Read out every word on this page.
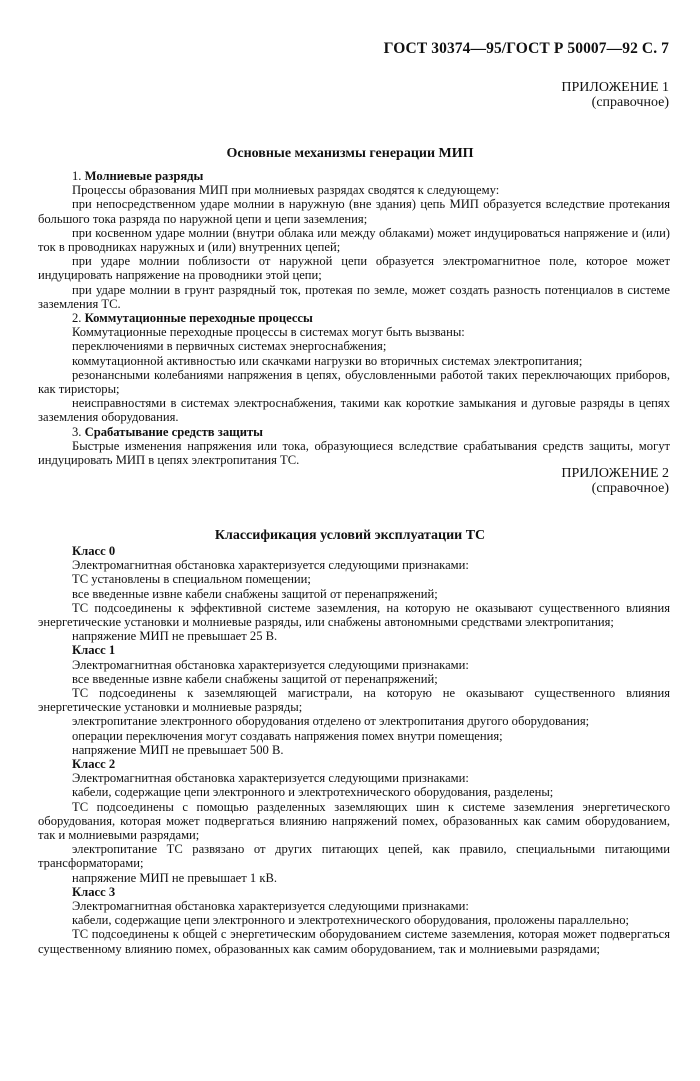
ГОСТ 30374—95/ГОСТ Р 50007—92 С. 7
ПРИЛОЖЕНИЕ 1
(справочное)
Основные механизмы генерации МИП

1. Молниевые разряды

Процессы образования МИП при молниевых разрядах сводятся к следующему:

при непосредственном ударе молнии в наружную (вне здания) цепь МИП образуется вследствие протекания большого тока разряда по наружной цепи и цепи заземления;

при косвенном ударе молнии (внутри облака или между облаками) может индуцироваться напряжение и (или) ток в проводниках наружных и (или) внутренних цепей;

при ударе молнии поблизости от наружной цепи образуется электромагнитное поле, которое может индуцировать напряжение на проводники этой цепи;

при ударе молнии в грунт разрядный ток, протекая по земле, может создать разность потенциалов в системе заземления ТС.

2. Коммутационные переходные процессы

Коммутационные переходные процессы в системах могут быть вызваны:

переключениями в первичных системах энергоснабжения;

коммутационной активностью или скачками нагрузки во вторичных системах электропитания;

резонансными колебаниями напряжения в цепях, обусловленными работой таких переключающих приборов, как тиристоры;

неисправностями в системах электроснабжения, такими как короткие замыкания и дуговые разряды в цепях заземления оборудования.

3. Срабатывание средств защиты

Быстрые изменения напряжения или тока, образующиеся вследствие срабатывания средств защиты, могут индуцировать МИП в цепях электропитания ТС.

ПРИЛОЖЕНИЕ 2
(справочное)
Классификация условий эксплуатации ТС

Класс 0

Электромагнитная обстановка характеризуется следующими признаками:

ТС установлены в специальном помещении;

все введенные извне кабели снабжены защитой от перенапряжений;

ТС подсоединены к эффективной системе заземления, на которую не оказывают существенного влияния энергетические установки и молниевые разряды, или снабжены автономными средствами электропитания;

напряжение МИП не превышает 25 В.

Класс 1

Электромагнитная обстановка характеризуется следующими признаками:

все введенные извне кабели снабжены защитой от перенапряжений;

ТС подсоединены к заземляющей магистрали, на которую не оказывают существенного влияния энергетические установки и молниевые разряды;

электропитание электронного оборудования отделено от электропитания другого оборудования;

операции переключения могут создавать напряжения помех внутри помещения;

напряжение МИП не превышает 500 В.

Класс 2

Электромагнитная обстановка характеризуется следующими признаками:

кабели, содержащие цепи электронного и электротехнического оборудования, разделены;

ТС подсоединены с помощью разделенных заземляющих шин к системе заземления энергетического оборудования, которая может подвергаться влиянию напряжений помех, образованных как самим оборудованием, так и молниевыми разрядами;

электропитание ТС развязано от других питающих цепей, как правило, специальными питающими трансформаторами;

напряжение МИП не превышает 1 кВ.

Класс 3

Электромагнитная обстановка характеризуется следующими признаками:

кабели, содержащие цепи электронного и электротехнического оборудования, проложены параллельно;

ТС подсоединены к общей с энергетическим оборудованием системе заземления, которая может подвергаться существенному влиянию помех, образованных как самим оборудованием, так и молниевыми разрядами;
